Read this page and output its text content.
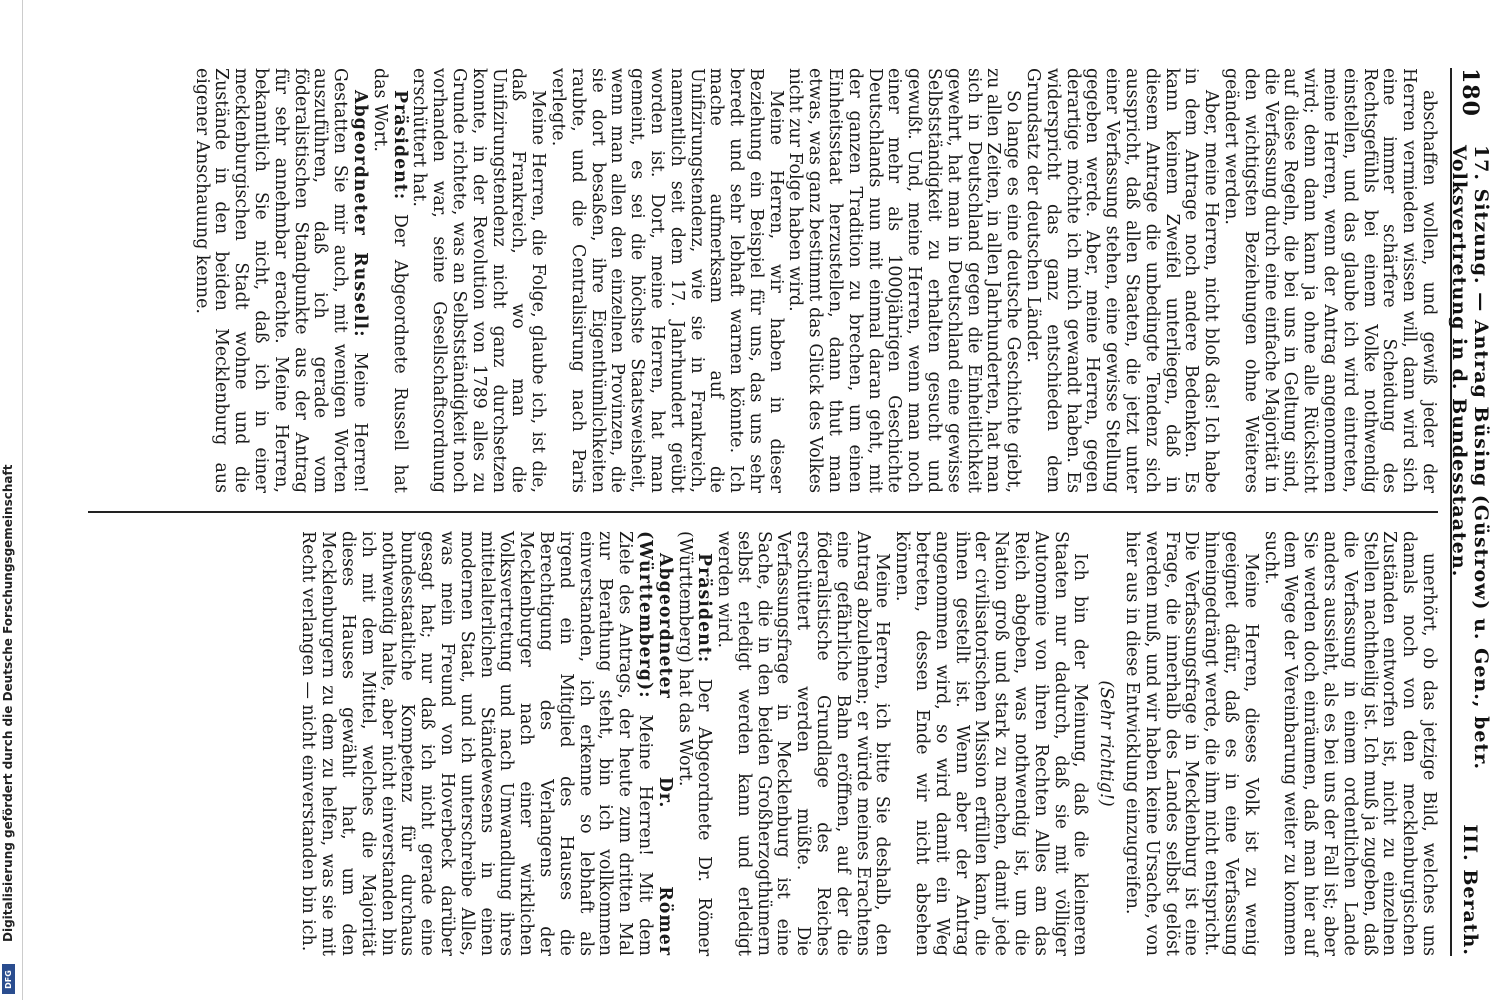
180
17. Sitzung. — Antrag Büsing (Güstrow) u. Gen., betr. Volksvertretung in d. Bundesstaaten.
III. Berath.

abschaffen wollen, und gewiß jeder der Herren vermieden wissen will, dann wird sich eine immer schärfere Scheidung des Rechtsgefühls bei einem Volke nothwendig einstellen, und das glaube ich wird eintreten, meine Herren, wenn der Antrag angenommen wird; denn dann kann ja ohne alle Rücksicht auf diese Regeln, die bei uns in Geltung sind, die Verfassung durch eine einfache Majorität in den wichtigsten Beziehungen ohne Weiteres geändert werden.

Aber, meine Herren, nicht bloß das! Ich habe in dem Antrage noch andere Bedenken. Es kann keinem Zweifel unterliegen, daß in diesem Antrage die unbedingte Tendenz sich ausspricht, daß allen Staaten, die jetzt unter einer Verfassung stehen, eine gewisse Stellung gegeben werde. Aber, meine Herren, gegen derartige möchte ich mich gewandt haben. Es widerspricht das ganz entschieden dem Grundsatz der deutschen Länder.

So lange es eine deutsche Geschichte giebt, zu allen Zeiten, in allen Jahrhunderten, hat man sich in Deutschland gegen die Einheitlichkeit gewehrt, hat man in Deutschland eine gewisse Selbstständigkeit zu erhalten gesucht und gewußt. Und, meine Herren, wenn man noch einer mehr als 1000jährigen Geschichte Deutschlands nun mit einmal daran geht, mit der ganzen Tradition zu brechen, um einen Einheitsstaat herzustellen, dann thut man etwas, was ganz bestimmt das Glück des Volkes nicht zur Folge haben wird.

Meine Herren, wir haben in dieser Beziehung ein Beispiel für uns, das uns sehr beredt und sehr lebhaft warnen könnte. Ich mache aufmerksam auf die Unifizirungstendenz, wie sie in Frankreich, namentlich seit dem 17. Jahrhundert geübt worden ist. Dort, meine Herren, hat man gemeint, es sei die höchste Staatsweisheit, wenn man allen den einzelnen Provinzen, die sie dort besaßen, ihre Eigenthümlichkeiten raubte, und die Centralisirung nach Paris verlegte.

Meine Herren, die Folge, glaube ich, ist die, daß Frankreich, wo man die Unifizirungstendenz nicht ganz durchsetzen konnte, in der Revolution von 1789 alles zu Grunde richtete, was an Selbstständigkeit noch vorhanden war, seine Gesellschaftsordnung erschüttert hat.

Präsident: Der Abgeordnete Russell hat das Wort.

Abgeordneter Russell: Meine Herren! Gestatten Sie mir auch, mit wenigen Worten auszuführen, daß ich gerade vom föderalistischen Standpunkte aus der Antrag für sehr annehmbar erachte. Meine Herren, bekanntlich Sie nicht, daß ich in einer mecklenburgischen Stadt wohne und die Zustände in den beiden Mecklenburg aus eigener Anschauung kenne.

unerhört, ob das jetzige Bild, welches uns damals noch von den mecklenburgischen Zuständen entworfen ist, nicht zu einzelnen Stellen nachtheilig ist. Ich muß ja zugeben, daß die Verfassung in einem ordentlichen Lande anders aussieht, als es bei uns der Fall ist; aber Sie werden doch einräumen, daß man hier auf dem Wege der Vereinbarung weiter zu kommen sucht.

Meine Herren, dieses Volk ist zu wenig geeignet dafür, daß es in eine Verfassung hineingedrängt werde, die ihm nicht entspricht. Die Verfassungsfrage in Mecklenburg ist eine Frage, die innerhalb des Landes selbst gelöst werden muß, und wir haben keine Ursache, von hier aus in diese Entwicklung einzugreifen.

(Sehr richtig!)

Ich bin der Meinung, daß die kleineren Staaten nur dadurch, daß sie mit völliger Autonomie von ihren Rechten Alles am das Reich abgeben, was nothwendig ist, um die Nation groß und stark zu machen, damit jede der civilisatorischen Mission erfüllen kann, die ihnen gestellt ist. Wenn aber der Antrag angenommen wird, so wird damit ein Weg betreten, dessen Ende wir nicht absehen können.

Meine Herren, ich bitte Sie deshalb, den Antrag abzulehnen; er würde meines Erachtens eine gefährliche Bahn eröffnen, auf der die föderalistische Grundlage des Reiches erschüttert werden müßte. Die Verfassungsfrage in Mecklenburg ist eine Sache, die in den beiden Großherzogthümern selbst erledigt werden kann und erledigt werden wird.

Präsident: Der Abgeordnete Dr. Römer (Württemberg) hat das Wort.

Abgeordneter Dr. Römer (Württemberg): Meine Herren! Mit dem Ziele des Antrags, der heute zum dritten Mal zur Berathung steht, bin ich vollkommen einverstanden, ich erkenne so lebhaft als irgend ein Mitglied des Hauses die Berechtigung des Verlangens der Mecklenburger nach einer wirklichen Volksvertretung und nach Umwandlung ihres mittelalterlichen Ständewesens in einen modernen Staat, und ich unterschreibe Alles, was mein Freund von Hoverbeck darüber gesagt hat; nur daß ich nicht gerade eine bundesstaatliche Kompetenz für durchaus nothwendig halte, aber nicht einverstanden bin ich mit dem Mittel, welches die Majorität dieses Hauses gewählt hat, um den Mecklenburgern zu dem zu helfen, was sie mit Recht verlangen — nicht einverstanden bin ich.

Digitalisierung gefördert durch die Deutsche Forschungsgemeinschaft
DFG
